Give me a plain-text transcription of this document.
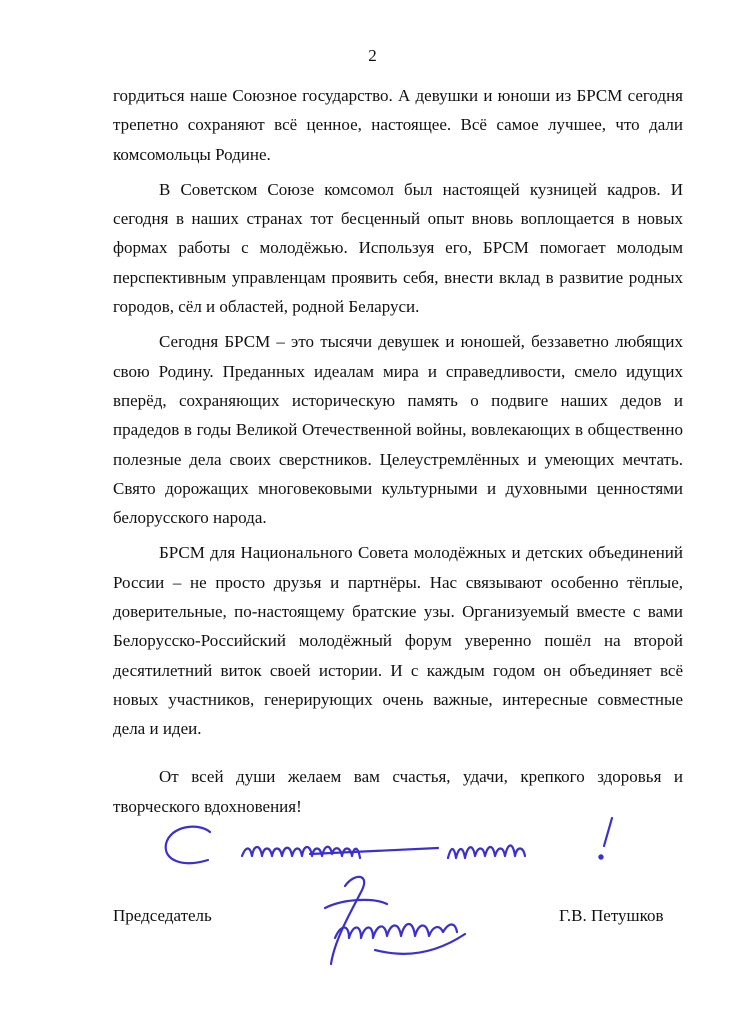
2

гордиться наше Союзное государство. А девушки и юноши из БРСМ сегодня трепетно сохраняют всё ценное, настоящее. Всё самое лучшее, что дали комсомольцы Родине.

В Советском Союзе комсомол был настоящей кузницей кадров. И сегодня в наших странах тот бесценный опыт вновь воплощается в новых формах работы с молодёжью. Используя его, БРСМ помогает молодым перспективным управленцам проявить себя, внести вклад в развитие родных городов, сёл и областей, родной Беларуси.

Сегодня БРСМ – это тысячи девушек и юношей, беззаветно любящих свою Родину. Преданных идеалам мира и справедливости, смело идущих вперёд, сохраняющих историческую память о подвиге наших дедов и прадедов в годы Великой Отечественной войны, вовлекающих в общественно полезные дела своих сверстников. Целеустремлённых и умеющих мечтать. Свято дорожащих многовековыми культурными и духовными ценностями белорусского народа.

БРСМ для Национального Совета молодёжных и детских объединений России – не просто друзья и партнёры. Нас связывают особенно тёплые, доверительные, по-настоящему братские узы. Организуемый вместе с вами Белорусско-Российский молодёжный форум уверенно пошёл на второй десятилетний виток своей истории. И с каждым годом он объединяет всё новых участников, генерирующих очень важные, интересные совместные дела и идеи.

От всей души желаем вам счастья, удачи, крепкого здоровья и творческого вдохновения!

Председатель	Г.В. Петушков
